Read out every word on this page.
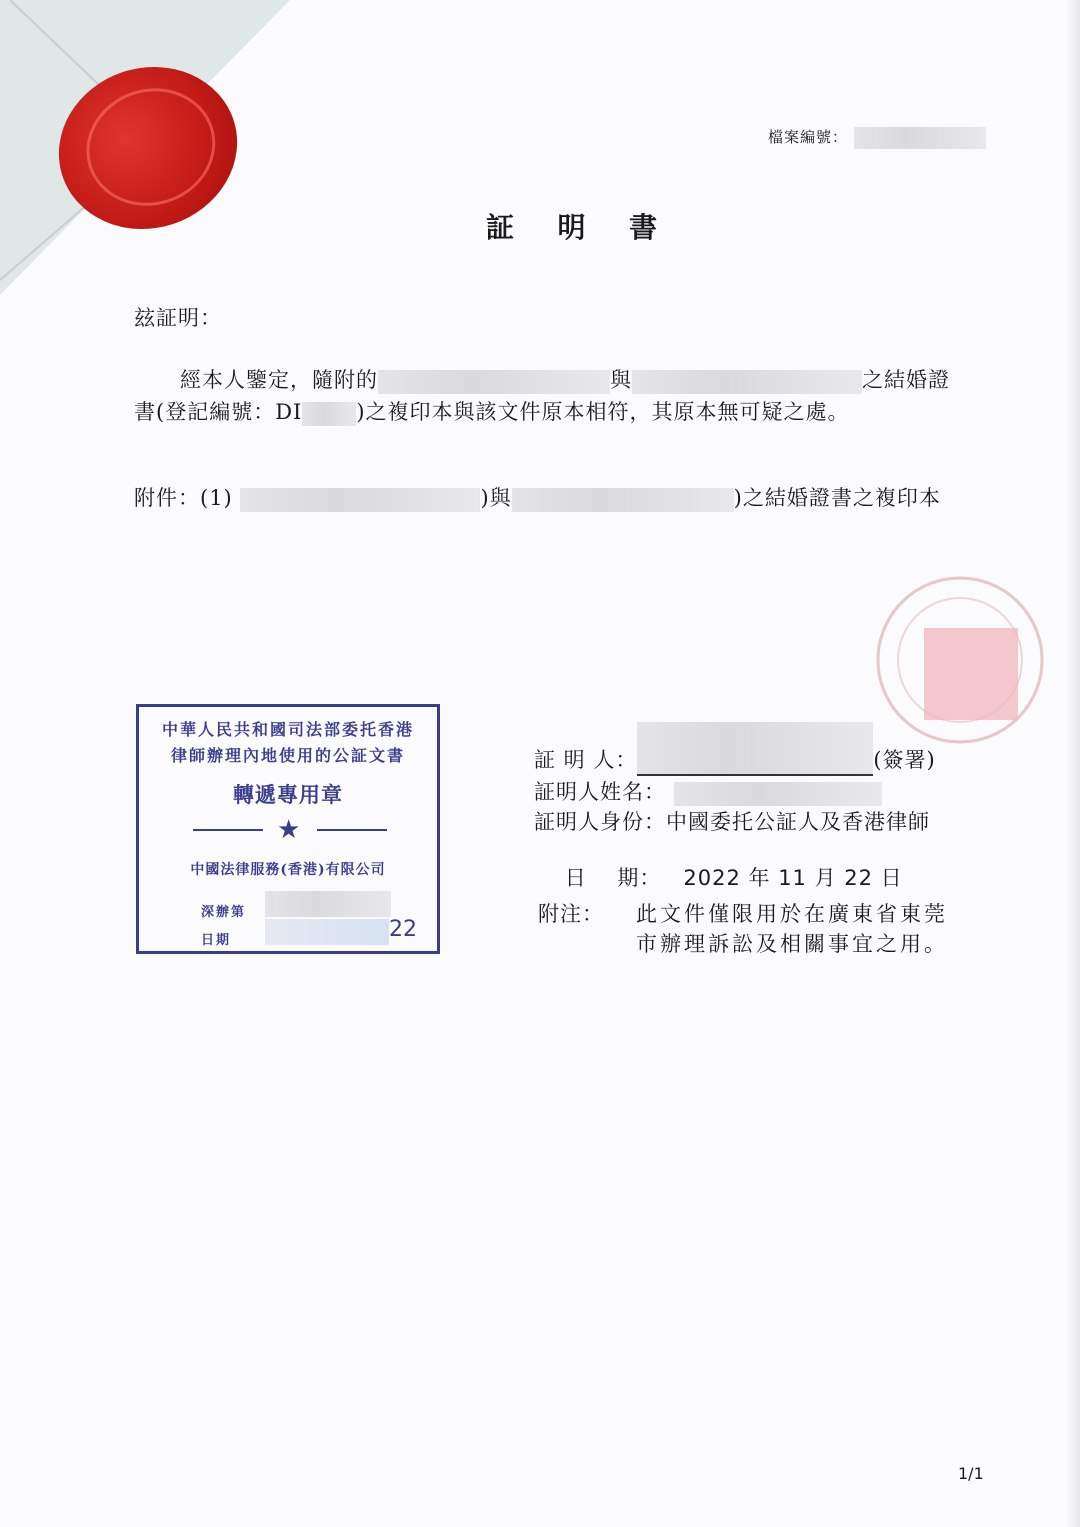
檔案編號：
証  明  書
玆証明：
經本人鑒定，隨附的	與	之結婚證
書(登記編號：DI	)之複印本與該文件原本相符，其原本無可疑之處。
附件：(1)	)與	)之結婚證書之複印本
中華人民共和國司法部委托香港
律師辦理內地使用的公証文書
轉遞專用章
★
中國法律服務(香港)有限公司
深辦第
日期	22
証 明 人：	(簽署)
証明人姓名：
証明人身份：中國委托公証人及香港律師

日    期： 2022 年 11 月 22 日

附注： 此文件僅限用於在廣東省東莞
市辦理訴訟及相關事宜之用。
1/1
